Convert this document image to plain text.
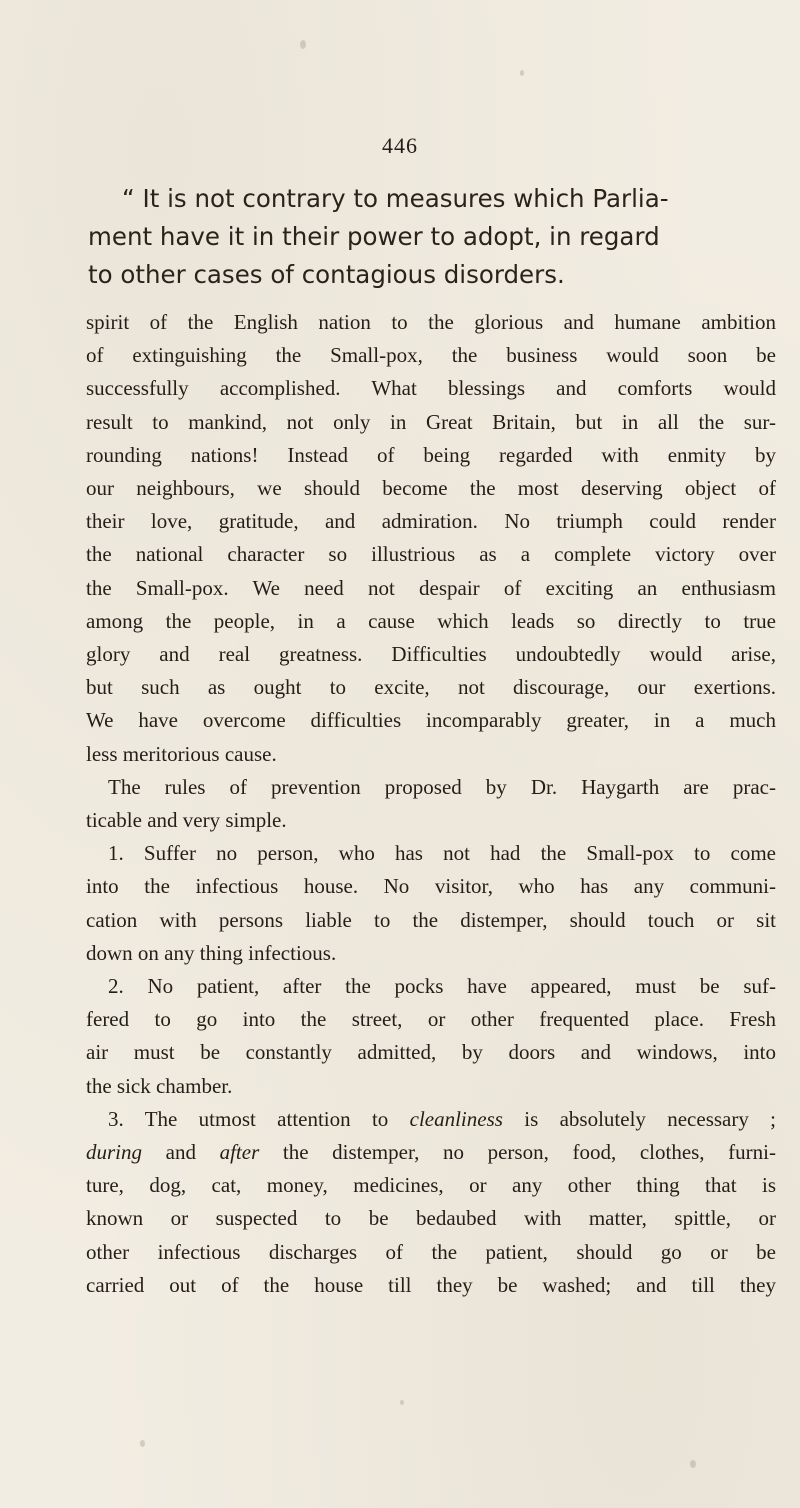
446
“ It is not contrary to measures which Parlia-
ment have it in their power to adopt, in regard
to other cases of contagious disorders.
spirit of the English nation to the glorious and humane ambition
of extinguishing the Small-pox, the business would soon be
successfully accomplished. What blessings and comforts would
result to mankind, not only in Great Britain, but in all the sur-
rounding nations! Instead of being regarded with enmity by
our neighbours, we should become the most deserving object of
their love, gratitude, and admiration. No triumph could render
the national character so illustrious as a complete victory over
the Small-pox. We need not despair of exciting an enthusiasm
among the people, in a cause which leads so directly to true
glory and real greatness. Difficulties undoubtedly would arise,
but such as ought to excite, not discourage, our exertions.
We have overcome difficulties incomparably greater, in a much
less meritorious cause.
The rules of prevention proposed by Dr. Haygarth are prac-
ticable and very simple.
1. Suffer no person, who has not had the Small-pox to come
into the infectious house. No visitor, who has any communi-
cation with persons liable to the distemper, should touch or sit
down on any thing infectious.
2. No patient, after the pocks have appeared, must be suf-
fered to go into the street, or other frequented place. Fresh
air must be constantly admitted, by doors and windows, into
the sick chamber.
3. The utmost attention to cleanliness is absolutely necessary ;
during and after the distemper, no person, food, clothes, furni-
ture, dog, cat, money, medicines, or any other thing that is
known or suspected to be bedaubed with matter, spittle, or
other infectious discharges of the patient, should go or be
carried out of the house till they be washed; and till they
